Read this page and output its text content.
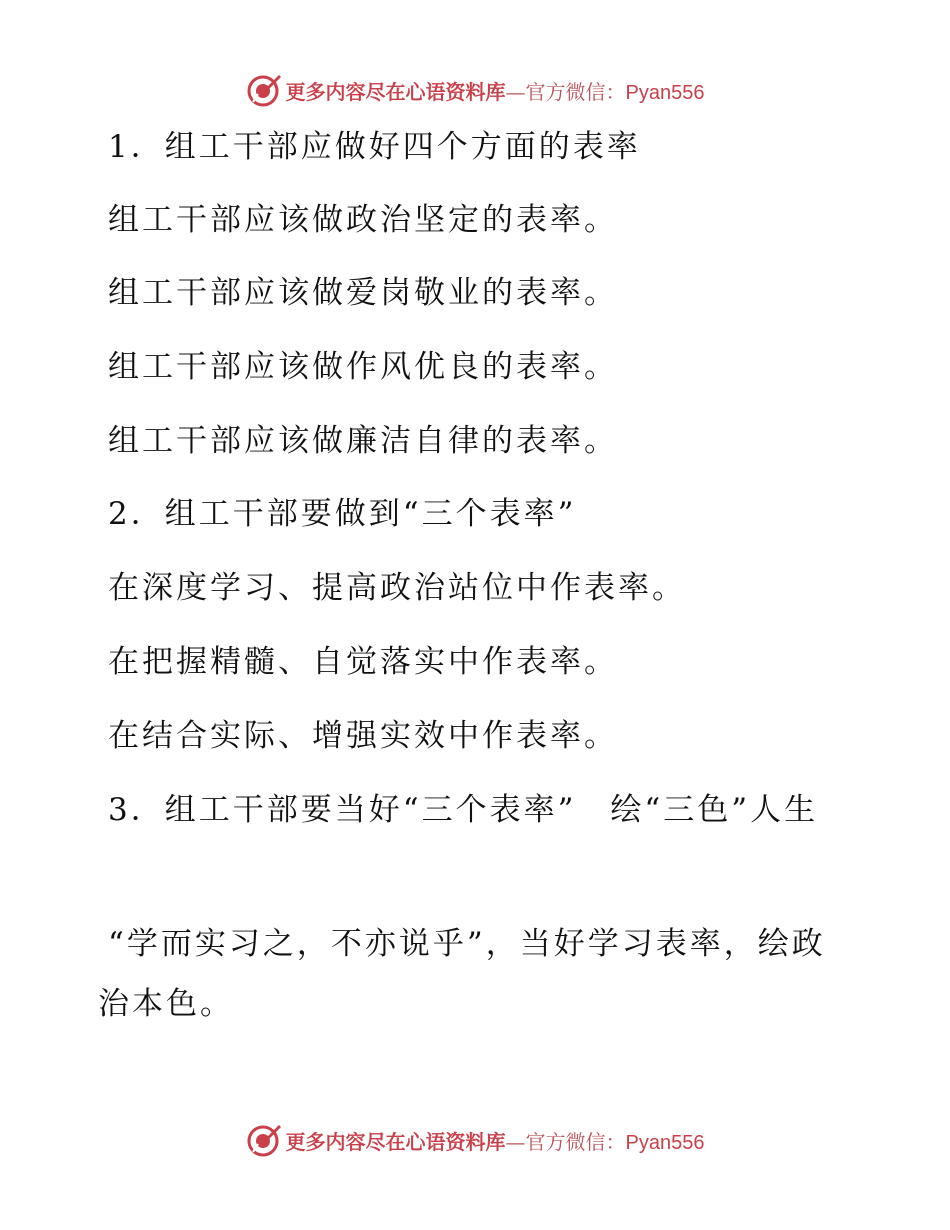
更多内容尽在心语资料库—官方微信：Pyan556
1．组工干部应做好四个方面的表率
组工干部应该做政治坚定的表率。
组工干部应该做爱岗敬业的表率。
组工干部应该做作风优良的表率。
组工干部应该做廉洁自律的表率。
2．组工干部要做到“三个表率”
在深度学习、提高政治站位中作表率。
在把握精髓、自觉落实中作表率。
在结合实际、增强实效中作表率。
3．组工干部要当好“三个表率”　绘“三色”人生
“学而实习之，不亦说乎”，当好学习表率，绘政治本色。
更多内容尽在心语资料库—官方微信：Pyan556
